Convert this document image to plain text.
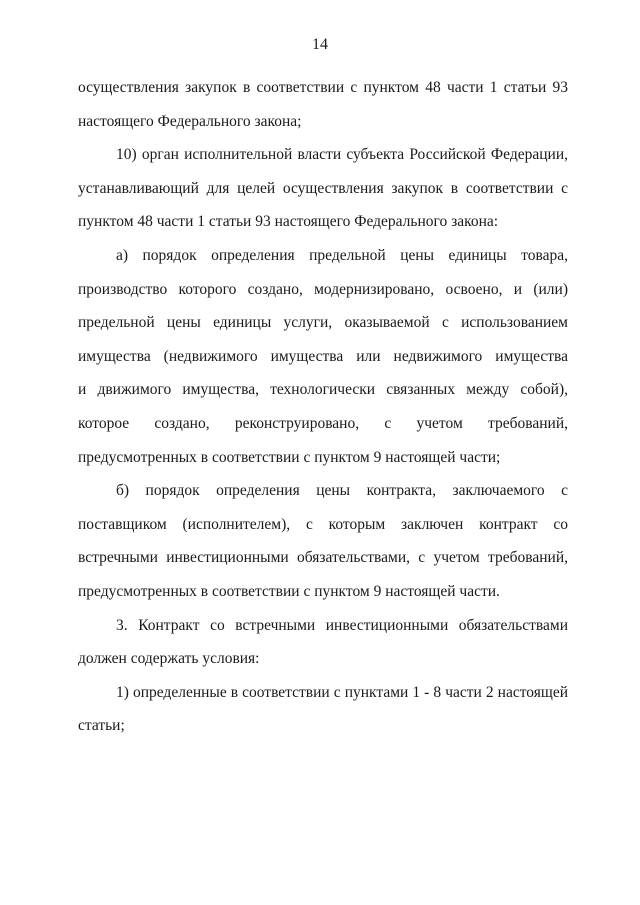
14
осуществления закупок в соответствии с пунктом 48 части 1 статьи 93
настоящего Федерального закона;
10) орган исполнительной власти субъекта Российской Федерации,
устанавливающий для целей осуществления закупок в соответствии с
пунктом 48 части 1 статьи 93 настоящего Федерального закона:
а) порядок определения предельной цены единицы товара,
производство которого создано, модернизировано, освоено, и (или)
предельной цены единицы услуги, оказываемой с использованием
имущества (недвижимого имущества или недвижимого имущества
и движимого имущества, технологически связанных между собой),
которое создано, реконструировано, с учетом требований,
предусмотренных в соответствии с пунктом 9 настоящей части;
б) порядок определения цены контракта, заключаемого с
поставщиком (исполнителем), с которым заключен контракт со
встречными инвестиционными обязательствами, с учетом требований,
предусмотренных в соответствии с пунктом 9 настоящей части.
3. Контракт со встречными инвестиционными обязательствами
должен содержать условия:
1) определенные в соответствии с пунктами 1 - 8 части 2 настоящей
статьи;
